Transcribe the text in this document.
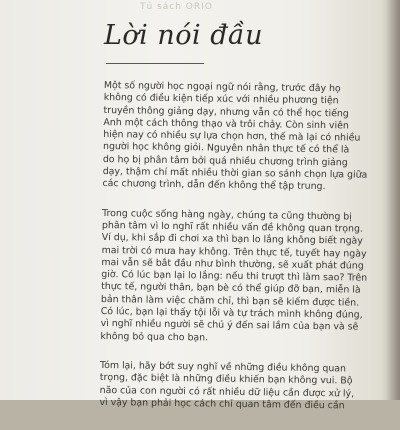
Tủ sách ORIO
Lời nói đầu

Một số người học ngoại ngữ nói rằng, trước đây họ
không có điều kiện tiếp xúc với nhiều phương tiện
truyền thông giảng dạy, nhưng vẫn có thể học tiếng
Anh một cách thông thạo và trôi chảy. Còn sinh viên
hiện nay có nhiều sự lựa chọn hơn, thế mà lại có nhiều
người học không giỏi. Nguyên nhân thực tế có thể là
do họ bị phân tâm bởi quá nhiều chương trình giảng
dạy, thậm chí mất nhiều thời gian so sánh chọn lựa giữa
các chương trình, dẫn đến không thể tập trung.

Trong cuộc sống hàng ngày, chúng ta cũng thường bị
phân tâm vì lo nghĩ rất nhiều vấn đề không quan trọng.
Ví dụ, khi sắp đi chơi xa thì bạn lo lắng không biết ngày
mai trời có mưa hay không. Trên thực tế, tuyết hay ngày
mai vẫn sẽ bắt đầu như bình thường, sẽ xuất phát đúng
giờ. Có lúc bạn lại lo lắng: nếu thi trượt thì làm sao? Trên
thực tế, người thân, bạn bè có thể giúp đỡ bạn, miễn là
bản thân làm việc chăm chỉ, thì bạn sẽ kiếm được tiền.
Có lúc, bạn lại thấy tội lỗi và tự trách mình không đúng,
vì nghĩ nhiều người sẽ chú ý đến sai lầm của bạn và sẽ
không bỏ qua cho bạn.

Tóm lại, hãy bớt suy nghĩ về những điều không quan
trọng, đặc biệt là những điều khiến bạn không vui. Bộ
não của con người có rất nhiều dữ liệu cần được xử lý,
vì vậy bạn phải học cách chỉ quan tâm đến điều cần
